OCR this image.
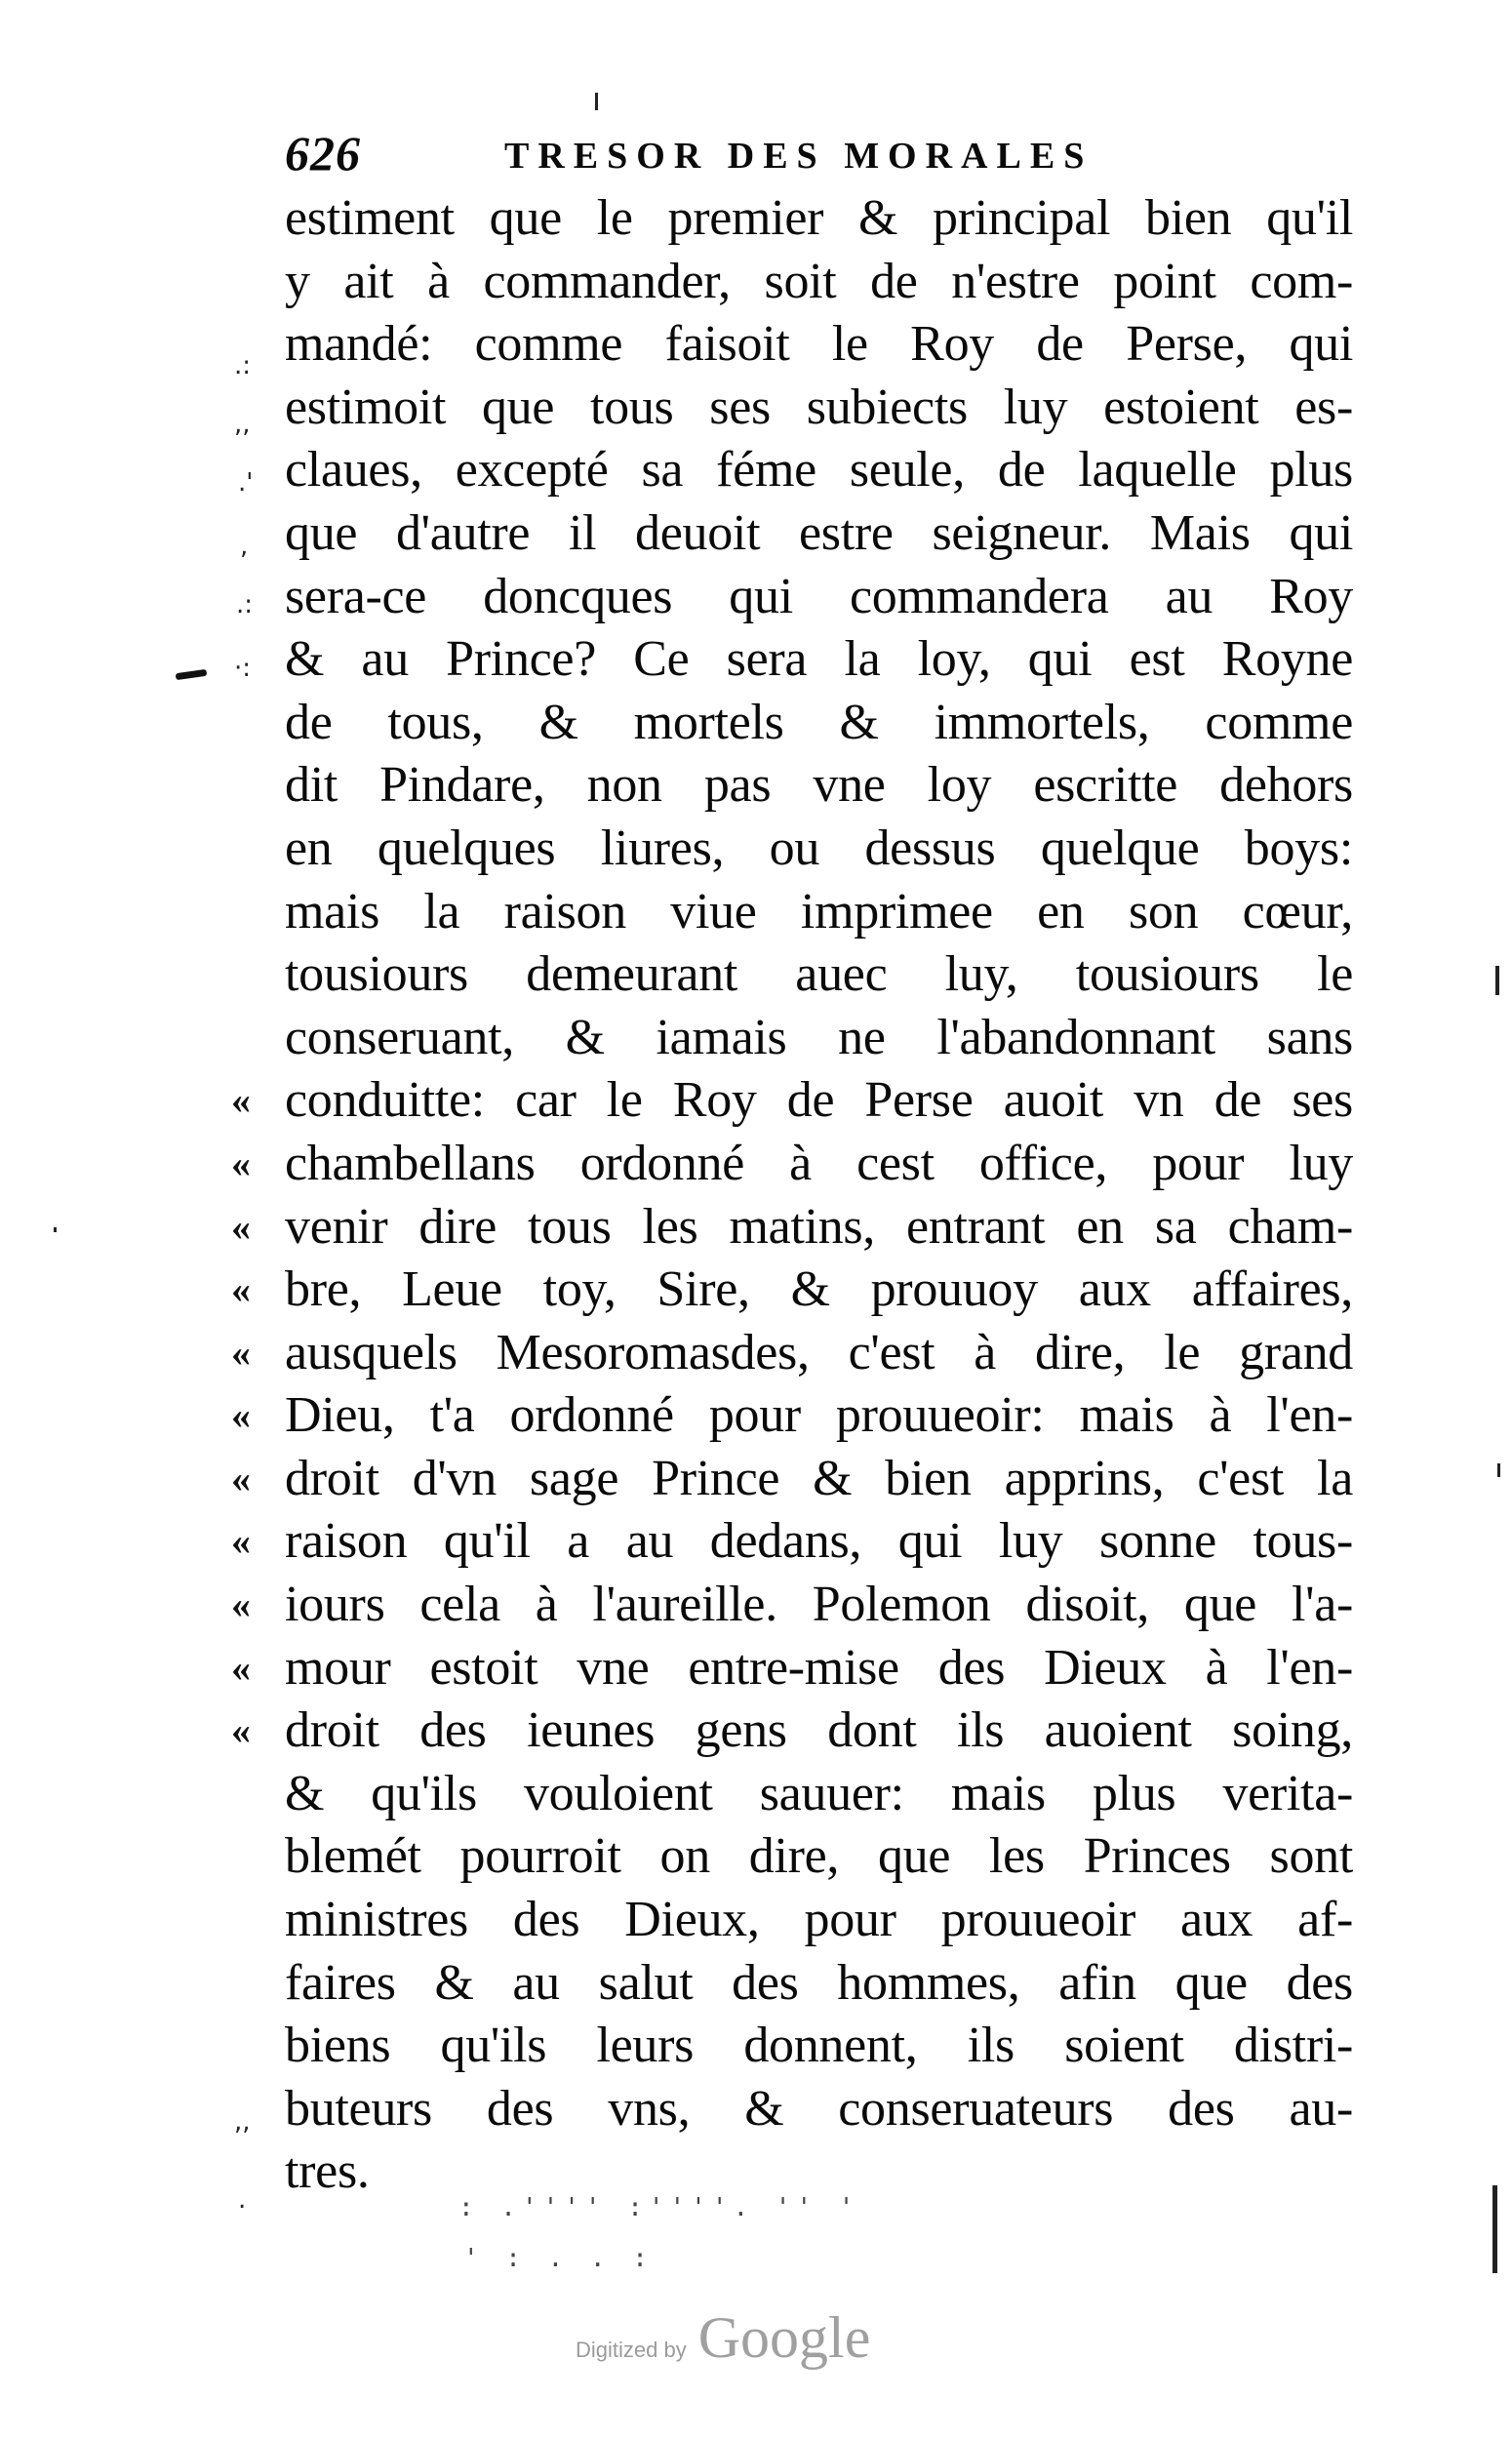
626	TRESOR DES MORALES
estiment que le premier & principal bien qu'il
y ait à commander, soit de n'estre point com-
mandé: comme faisoit le Roy de Perse, qui
estimoit que tous ses subiects luy estoient es-
claues, excepté sa féme seule, de laquelle plus
que d'autre il deuoit estre seigneur. Mais qui
sera-ce doncques qui commandera au Roy
& au Prince? Ce sera la loy, qui est Royne
de tous, & mortels & immortels, comme
dit Pindare, non pas vne loy escritte dehors
en quelques liures, ou dessus quelque boys:
mais la raison viue imprimee en son cœur,
tousiours demeurant auec luy, tousiours le
conseruant, & iamais ne l'abandonnant sans
« conduitte: car le Roy de Perse auoit vn de ses
« chambellans ordonné à cest office, pour luy
« venir dire tous les matins, entrant en sa cham-
« bre, Leue toy, Sire, & prouuoy aux affaires,
« ausquels Mesoromasdes, c'est à dire, le grand
« Dieu, t'a ordonné pour prouueoir: mais à l'en-
« droit d'vn sage Prince & bien apprins, c'est la
« raison qu'il a au dedans, qui luy sonne tous-
« iours cela à l'aureille. Polemon disoit, que l'a-
« mour estoit vne entre-mise des Dieux à l'en-
« droit des ieunes gens dont ils auoient soing,
& qu'ils vouloient sauuer: mais plus verita-
blemét pourroit on dire, que les Princes sont
ministres des Dieux, pour prouueoir aux af-
faires & au salut des hommes, afin que des
biens qu'ils leurs donnent, ils soient distri-
buteurs des vns, & conseruateurs des au-
tres.
.:
,,
.'
,
.:
·:
,,
.	: .'''' :''''. '' '
' : . . :
Digitized by Google
